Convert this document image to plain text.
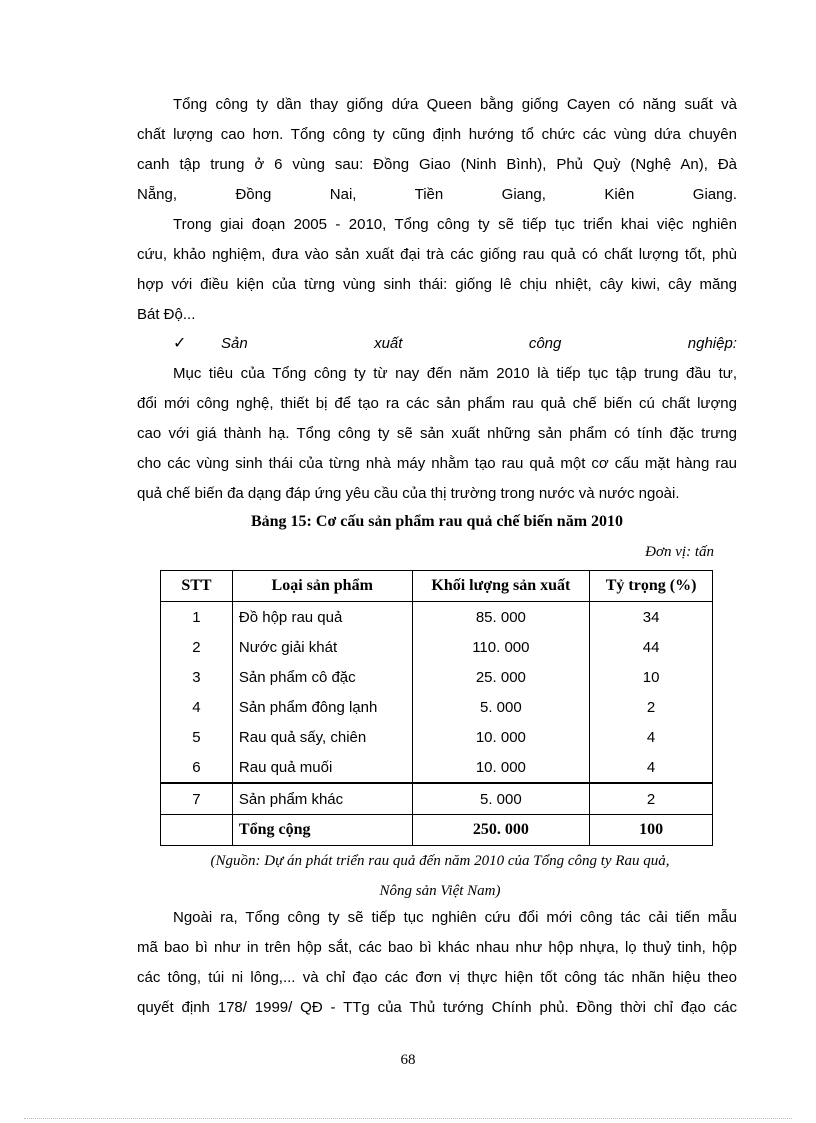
Tổng công ty dần thay giống dứa Queen bằng giống Cayen có năng suất và
chất lượng cao hơn. Tổng công ty cũng định hướng tổ chức các vùng dứa chuyên
canh tập trung ở 6 vùng sau: Đồng Giao (Ninh Bình), Phủ Quỳ (Nghệ An), Đà
Nẵng, Đồng Nai, Tiền Giang, Kiên Giang.
Trong giai đoạn 2005 - 2010, Tổng công ty sẽ tiếp tục triển khai việc nghiên
cứu, khảo nghiệm, đưa vào sản xuất đại trà các giống rau quả có chất lượng tốt, phù
hợp với điều kiện của từng vùng sinh thái: giống lê chịu nhiệt, cây kiwi, cây măng
Bát Độ...
✓	Sản	xuất	công	nghiệp:
Mục tiêu của Tổng công ty từ nay đến năm 2010 là tiếp tục tập trung đầu tư,
đổi mới công nghệ, thiết bị để tạo ra các sản phẩm rau quả chế biến cú chất lượng
cao với giá thành hạ. Tổng công ty sẽ sản xuất những sản phẩm có tính đặc trưng
cho các vùng sinh thái của từng nhà máy nhằm tạo rau quả một cơ cấu mặt hàng rau
quả chế biến đa dạng đáp ứng yêu cầu của thị trường trong nước và nước ngoài.
Bảng 15: Cơ cấu sản phẩm rau quả chế biến năm 2010
Đơn vị: tấn
STT	Loại sản phẩm	Khối lượng sản xuất	Tỷ trọng (%)
1	Đồ hộp rau quả	85. 000	34
2	Nước giải khát	110. 000	44
3	Sản phẩm cô đặc	25. 000	10
4	Sản phẩm đông lạnh	5. 000	2
5	Rau quả sấy, chiên	10. 000	4
6	Rau quả muối	10. 000	4
7	Sản phẩm khác	5. 000	2
	Tổng cộng	250. 000	100
(Nguồn: Dự án phát triển rau quả đến năm 2010 của Tổng công ty Rau quả,
Nông sản Việt Nam)
Ngoài ra, Tổng công ty sẽ tiếp tục nghiên cứu đổi mới công tác cải tiến mẫu
mã bao bì như in trên hộp sắt, các bao bì khác nhau như hộp nhựa, lọ thuỷ tinh, hộp
các tông, túi ni lông,... và chỉ đạo các đơn vị thực hiện tốt công tác nhãn hiệu theo
quyết định 178/ 1999/ QĐ - TTg của Thủ tướng Chính phủ. Đồng thời chỉ đạo các
68
